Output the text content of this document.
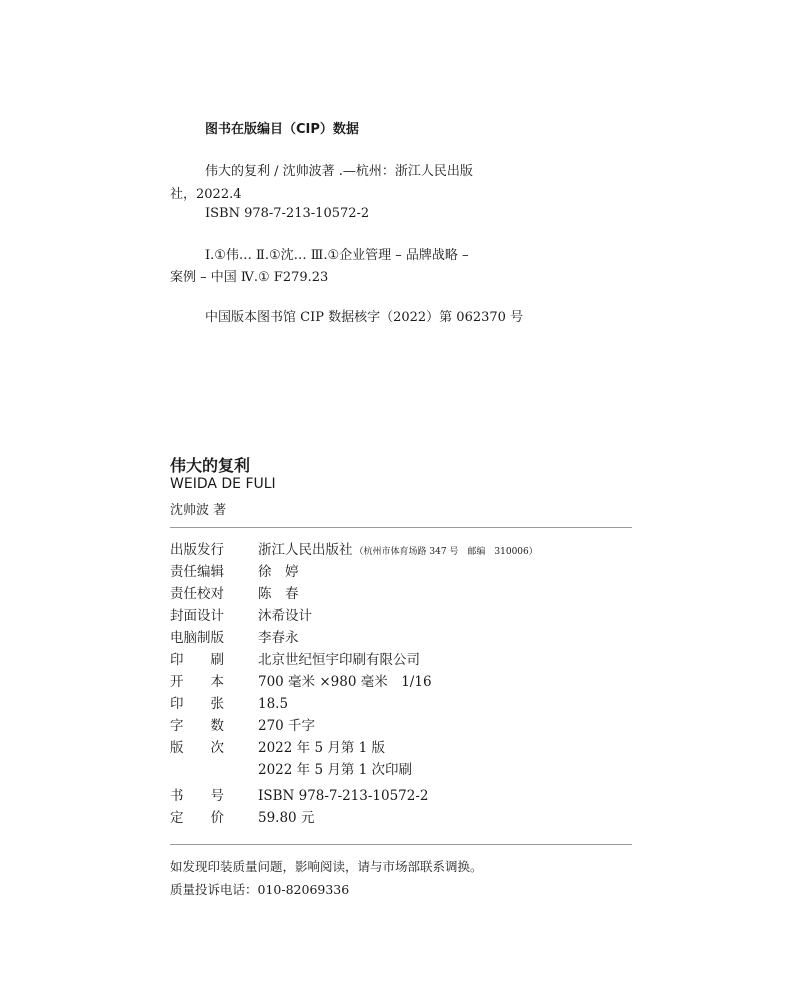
图书在版编目（CIP）数据
伟大的复利 / 沈帅波著 .—杭州：浙江人民出版
社，2022.4
ISBN 978-7-213-10572-2
Ⅰ.①伟… Ⅱ.①沈… Ⅲ.①企业管理 – 品牌战略 –
案例 – 中国 Ⅳ.① F279.23
中国版本图书馆 CIP 数据核字（2022）第 062370 号
伟大的复利
WEIDA DE FULI
沈帅波 著
出版发行	浙江人民出版社 （杭州市体育场路 347 号　邮编　310006）
责任编辑	徐　婷
责任校对	陈　春
封面设计	沐希设计
电脑制版	李春永
印　　刷	北京世纪恒宇印刷有限公司
开　　本	700 毫米 ×980 毫米　1/16
印　　张	18.5
字　　数	270 千字
版　　次	2022 年 5 月第 1 版
2022 年 5 月第 1 次印刷
书　　号	ISBN 978-7-213-10572-2
定　　价	59.80 元
如发现印装质量问题，影响阅读，请与市场部联系调换。
质量投诉电话：010-82069336
